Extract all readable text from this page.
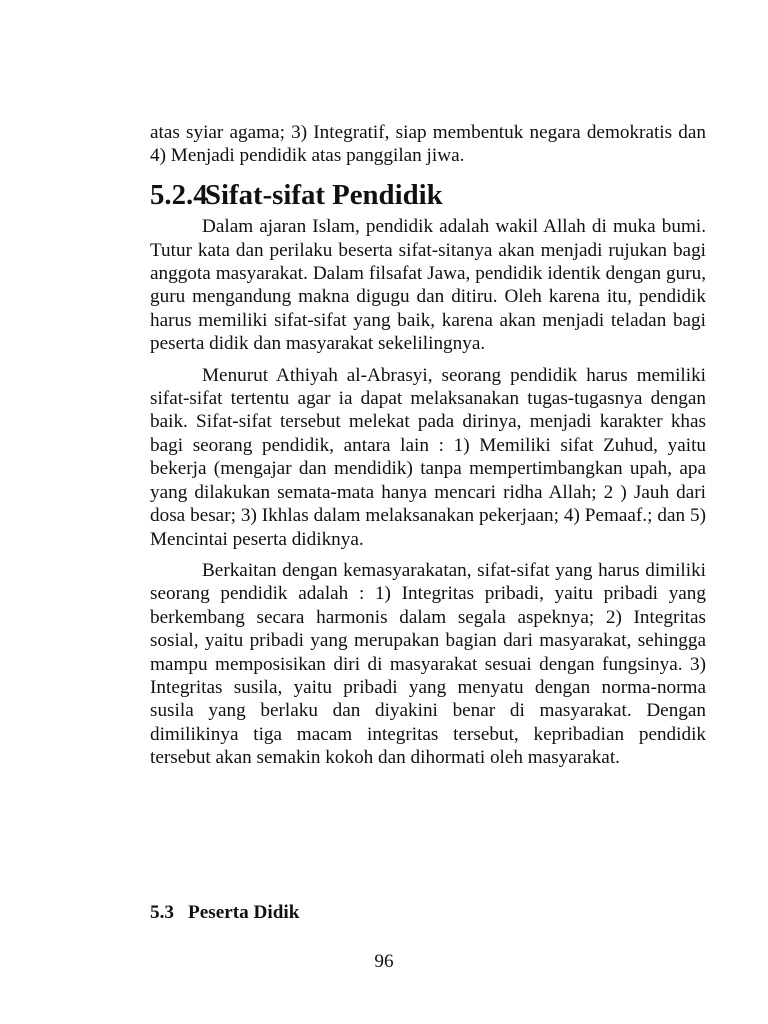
atas syiar agama; 3) Integratif, siap membentuk negara demokratis dan 4) Menjadi pendidik atas panggilan jiwa.

5.2.4Sifat-sifat Pendidik

Dalam ajaran Islam, pendidik adalah wakil Allah di muka bumi. Tutur kata dan perilaku beserta sifat-sitanya akan menjadi rujukan bagi anggota masyarakat. Dalam filsafat Jawa, pendidik identik dengan guru, guru mengandung makna digugu dan ditiru. Oleh karena itu, pendidik harus memiliki sifat-sifat yang baik, karena akan menjadi teladan bagi peserta didik dan masyarakat sekelilingnya.

Menurut Athiyah al-Abrasyi, seorang pendidik harus memiliki sifat-sifat tertentu agar ia dapat melaksanakan tugas-tugasnya dengan baik. Sifat-sifat tersebut melekat pada dirinya, menjadi karakter khas bagi seorang pendidik, antara lain : 1) Memiliki sifat Zuhud, yaitu bekerja (mengajar dan mendidik) tanpa mempertimbangkan upah, apa yang dilakukan semata-mata hanya mencari ridha Allah; 2 ) Jauh dari dosa besar; 3) Ikhlas dalam melaksanakan pekerjaan; 4) Pemaaf.; dan 5) Mencintai peserta didiknya.

Berkaitan dengan kemasyarakatan, sifat-sifat yang harus dimiliki seorang pendidik adalah : 1) Integritas pribadi, yaitu pribadi yang berkembang secara harmonis dalam segala aspeknya; 2) Integritas sosial, yaitu pribadi yang merupakan bagian dari masyarakat, sehingga mampu memposisikan diri di masyarakat sesuai dengan fungsinya. 3) Integritas susila, yaitu pribadi yang menyatu dengan norma-norma susila yang berlaku dan diyakini benar di masyarakat. Dengan dimilikinya tiga macam integritas tersebut, kepribadian pendidik tersebut akan semakin kokoh dan dihormati oleh masyarakat.

5.3 Peserta Didik
96
